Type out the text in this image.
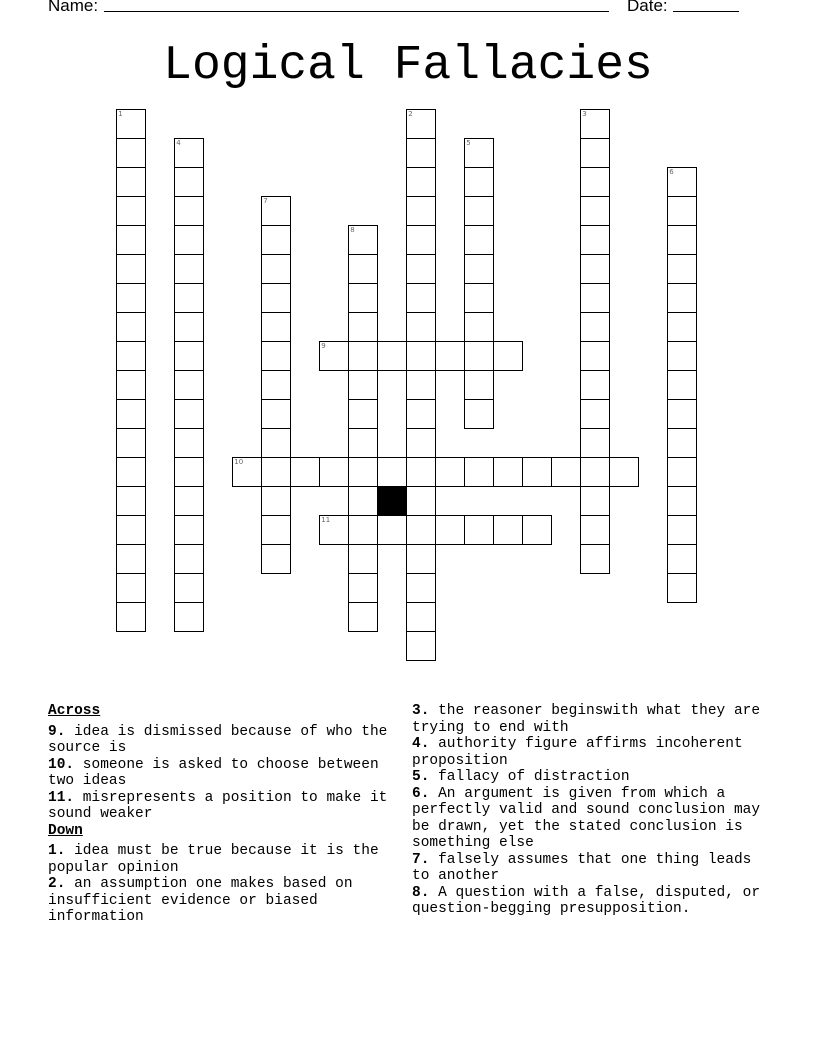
Name:	Date:
Logical Fallacies
1	2	3
4	5
6
7
8
9
10
11
Across
9. idea is dismissed because of who the source is
10. someone is asked to choose between two ideas
11. misrepresents a position to make it sound weaker
Down
1. idea must be true because it is the popular opinion
2. an assumption one makes based on insufficient evidence or biased information
3. the reasoner beginswith what they are trying to end with
4. authority figure affirms incoherent proposition
5. fallacy of distraction
6. An argument is given from which a perfectly valid and sound conclusion may be drawn, yet the stated conclusion is something else
7. falsely assumes that one thing leads to another
8. A question with a false, disputed, or question-begging presupposition.
